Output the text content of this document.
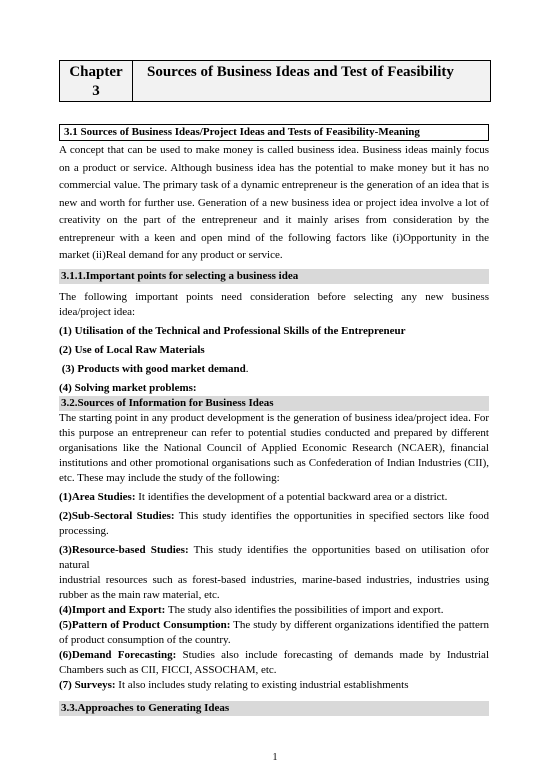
Chapter
3
Sources of Business Ideas and Test of Feasibility
3.1 Sources of Business Ideas/Project Ideas and Tests of Feasibility-Meaning

A concept that can be used to make money is called business idea. Business ideas mainly focus on a product or service. Although business idea has the potential to make money but it has no commercial value. The primary task of a dynamic entrepreneur is the generation of an idea that is new and worth for further use. Generation of a new business idea or project idea involve a lot of creativity on the part of the entrepreneur and it mainly arises from consideration by the entrepreneur with a keen and open mind of the following factors like (i)Opportunity in the market (ii)Real demand for any product or service.

3.1.1.Important points for selecting a business idea

The following important points need consideration before selecting any new business idea/project idea:

(1) Utilisation of the Technical and Professional Skills of the Entrepreneur
(2) Use of Local Raw Materials
(3) Products with good market demand.
(4) Solving market problems:
3.2.Sources of Information for Business Ideas

The starting point in any product development is the generation of business idea/project idea. For this purpose an entrepreneur can refer to potential studies conducted and prepared by different organisations like the National Council of Applied Economic Research (NCAER), financial institutions and other promotional organisations such as Confederation of Indian Industries (CII), etc. These may include the study of the following:

(1)Area Studies: It identifies the development of a potential backward area or a district.

(2)Sub-Sectoral Studies: This study identifies the opportunities in specified sectors like food processing.

(3)Resource-based Studies: This study identifies the opportunities based on utilisation of natural
or

industrial resources such as forest-based industries, marine-based industries, industries using rubber as the main raw material, etc.

(4)Import and Export: The study also identifies the possibilities of import and export.

(5)Pattern of Product Consumption: The study by different organizations identified the pattern of product consumption of the country.

(6)Demand Forecasting: Studies also include forecasting of demands made by Industrial Chambers such as CII, FICCI, ASSOCHAM, etc.

(7) Surveys: It also includes study relating to existing industrial establishments

3.3.Approaches to Generating Ideas
1
